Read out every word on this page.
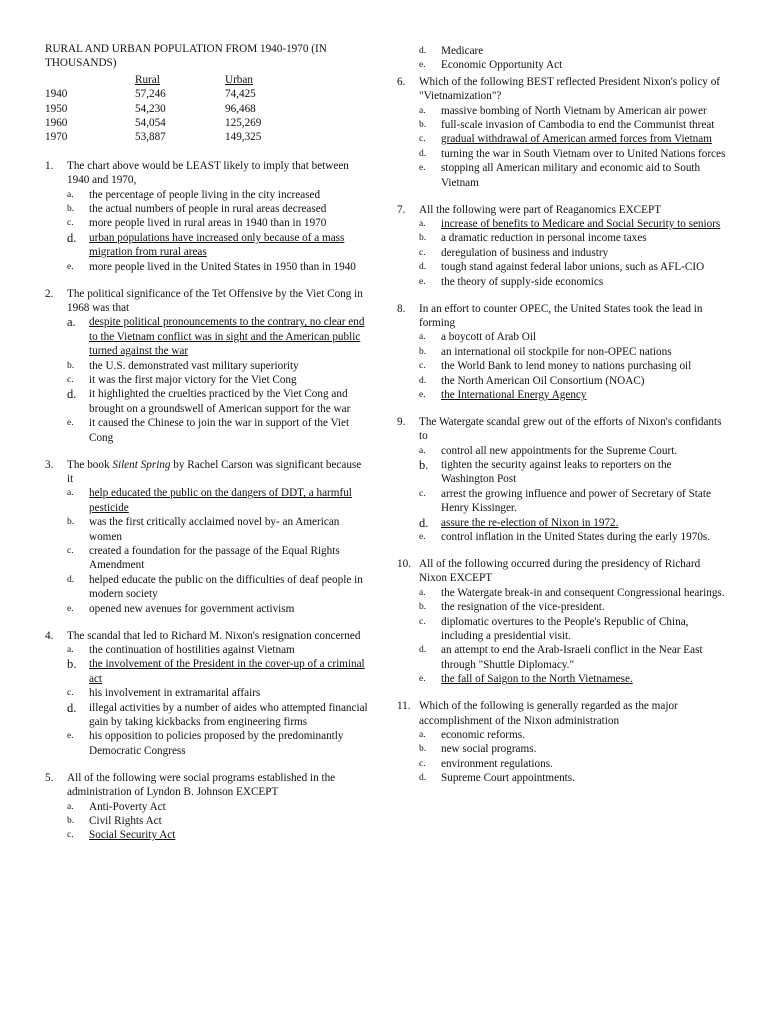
RURAL AND URBAN POPULATION FROM 1940-1970 (IN THOUSANDS)
	Rural	Urban
1940	57,246	74,425
1950	54,230	96,468
1960	54,054	125,269
1970	53,887	149,325
1.	The chart above would be LEAST likely to imply that between 1940 and 1970,
a.	the percentage of people living in the city increased
b.	the actual numbers of people in rural areas decreased
c.	more people lived in rural areas in 1940 than in 1970
d.	urban populations have increased only because of a mass migration from rural areas
e.	more people lived in the United States in 1950 than in 1940
2.	The political significance of the Tet Offensive by the Viet Cong in 1968 was that
a.	despite political pronouncements to the contrary, no clear end to the Vietnam conflict was in sight and the American public turned against the war
b.	the U.S. demonstrated vast military superiority
c.	it was the first major victory for the Viet Cong
d.	it highlighted the cruelties practiced by the Viet Cong and brought on a groundswell of American support for the war
e.	it caused the Chinese to join the war in support of the Viet Cong
3.	The book Silent Spring by Rachel Carson was significant because it
a.	help educated the public on the dangers of DDT, a harmful pesticide
b.	was the first critically acclaimed novel by- an American women
c.	created a foundation for the passage of the Equal Rights Amendment
d.	helped educate the public on the difficulties of deaf people in modern society
e.	opened new avenues for government activism
4.	The scandal that led to Richard M. Nixon's resignation concerned
a.	the continuation of hostilities against Vietnam
b.	the involvement of the President in the cover-up of a criminal act
c.	his involvement in extramarital affairs
d.	illegal activities by a number of aides who attempted financial gain by taking kickbacks from engineering firms
e.	his opposition to policies proposed by the predominantly Democratic Congress
5.	All of the following were social programs established in the administration of Lyndon B. Johnson EXCEPT
a.	Anti-Poverty Act
b.	Civil Rights Act
c.	Social Security Act
d.	Medicare
e.	Economic Opportunity Act
6.	Which of the following BEST reflected President Nixon's policy of "Vietnamization"?
a.	massive bombing of North Vietnam by American air power
b.	full-scale invasion of Cambodia to end the Communist threat
c.	gradual withdrawal of American armed forces from Vietnam
d.	turning the war in South Vietnam over to United Nations forces
e.	stopping all American military and economic aid to South Vietnam
7.	All the following were part of Reaganomics EXCEPT
a.	increase of benefits to Medicare and Social Security to seniors
b.	a dramatic reduction in personal income taxes
c.	deregulation of business and industry
d.	tough stand against federal labor unions, such as AFL-CIO
e.	the theory of supply-side economics
8.	In an effort to counter OPEC, the United States took the lead in forming
a.	a boycott of Arab Oil
b.	an international oil stockpile for non-OPEC nations
c.	the World Bank to lend money to nations purchasing oil
d.	the North American Oil Consortium (NOAC)
e.	the International Energy Agency
9.	The Watergate scandal grew out of the efforts of Nixon's confidants to
a.	control all new appointments for the Supreme Court.
b.	tighten the security against leaks to reporters on the Washington Post
c.	arrest the growing influence and power of Secretary of State Henry Kissinger.
d.	assure the re-election of Nixon in 1972.
e.	control inflation in the United States during the early 1970s.
10. All of the following occurred during the presidency of Richard Nixon EXCEPT
a.	the Watergate break-in and consequent Congressional hearings.
b.	the resignation of the vice-president.
c.	diplomatic overtures to the People's Republic of China, including a presidential visit.
d.	an attempt to end the Arab-Israeli conflict in the Near East through "Shuttle Diplomacy."
e.	the fall of Saigon to the North Vietnamese.
11. Which of the following is generally regarded as the major accomplishment of the Nixon administration
a.	economic reforms.
b.	new social programs.
c.	environment regulations.
d.	Supreme Court appointments.
